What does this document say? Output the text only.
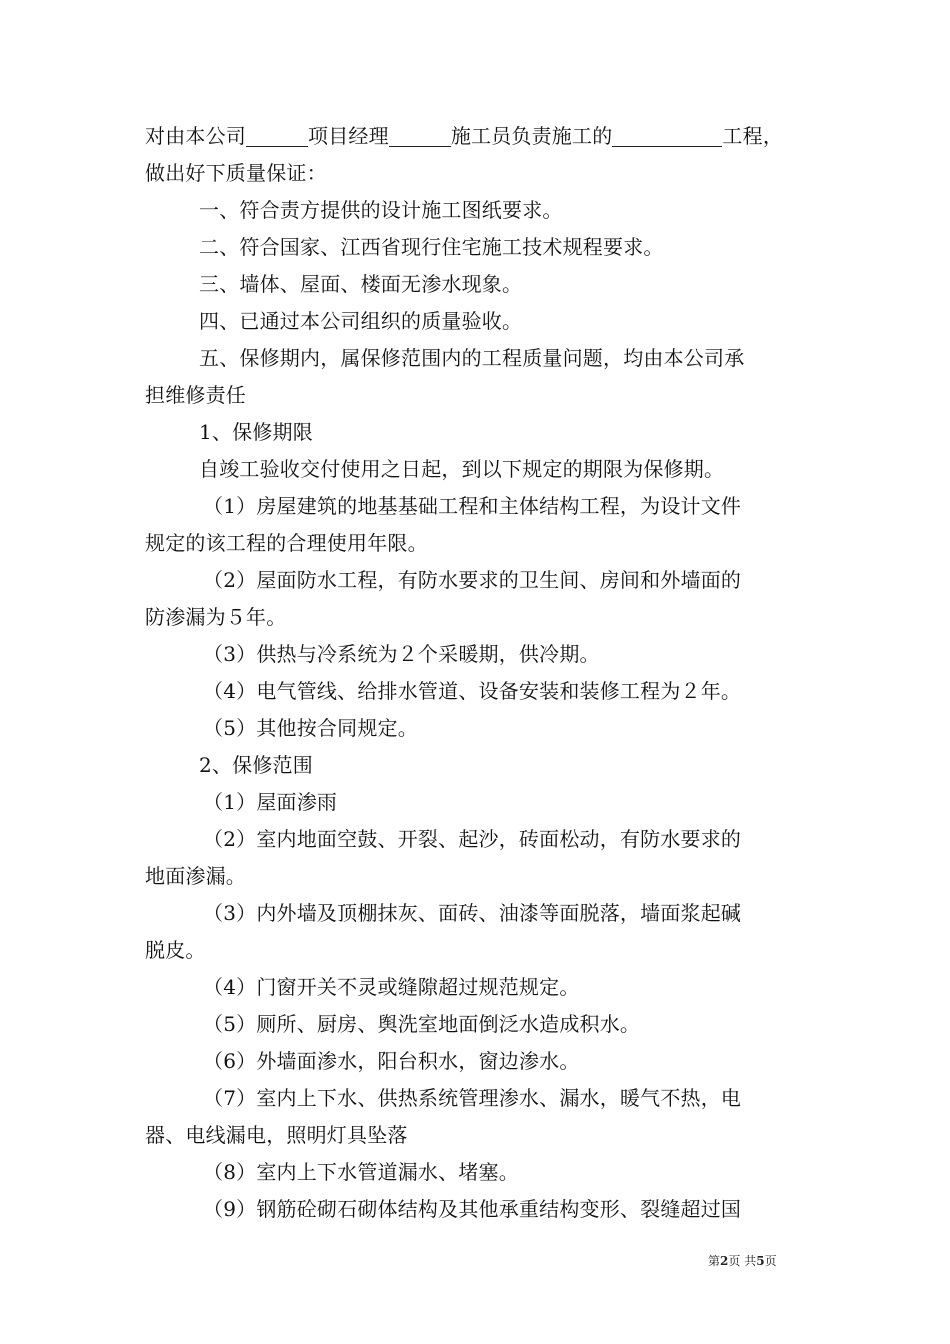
对由本公司	项目经理	施工员负责施工的	工程，
做出好下质量保证：
一、符合责方提供的设计施工图纸要求。
二、符合国家、江西省现行住宅施工技术规程要求。
三、墙体、屋面、楼面无渗水现象。
四、已通过本公司组织的质量验收。
五、保修期内，属保修范围内的工程质量问题，均由本公司承
担维修责任
1、保修期限
自竣工验收交付使用之日起，到以下规定的期限为保修期。
（1）房屋建筑的地基基础工程和主体结构工程，为设计文件
规定的该工程的合理使用年限。
（2）屋面防水工程，有防水要求的卫生间、房间和外墙面的
防渗漏为５年。
（3）供热与冷系统为２个采暖期，供冷期。
（4）电气管线、给排水管道、设备安装和装修工程为２年。
（5）其他按合同规定。
2、保修范围
（1）屋面渗雨
（2）室内地面空鼓、开裂、起沙，砖面松动，有防水要求的
地面渗漏。
（3）内外墙及顶棚抹灰、面砖、油漆等面脱落，墙面浆起碱
脱皮。
（4）门窗开关不灵或缝隙超过规范规定。
（5）厕所、厨房、舆洗室地面倒泛水造成积水。
（6）外墙面渗水，阳台积水，窗边渗水。
（7）室内上下水、供热系统管理渗水、漏水，暖气不热，电
器、电线漏电，照明灯具坠落
（8）室内上下水管道漏水、堵塞。
（9）钢筋砼砌石砌体结构及其他承重结构变形、裂缝超过国
第2页 共5页
